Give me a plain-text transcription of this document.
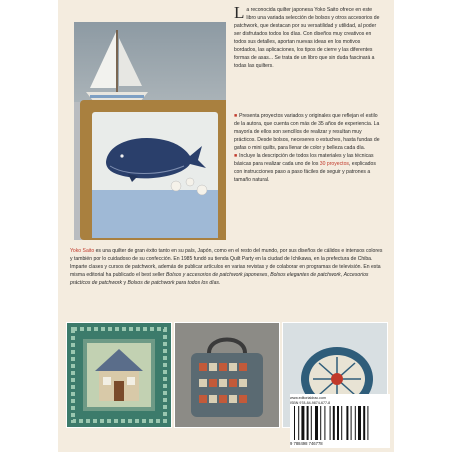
L a reconocida quilter japonesa Yoko Saito ofrece en este libro una variada selección de bolsos y otros accesorios de patchwork, que destacan por su versatilidad y utilidad, al poder ser disfrutados todos los días. Con diseños muy creativos en todos sus detalles, aportan nuevas ideas en los motivos bordados, las aplicaciones, los tipos de cierre y las diferentes formas de asas... Se trata de un libro que sin duda fascinará a todas las quilters.

■ Presenta proyectos variados y originales que reflejan el estilo de la autora, que cuenta con más de 35 años de experiencia. La mayoría de ellos son sencillos de realizar y resultan muy prácticos. Desde bolsos, neceseres o estuches, hasta fundas de gafas o mini quilts, para llenar de color y belleza cada día.

■ Incluye la descripción de todos los materiales y las técnicas básicas para realizar cada uno de los 30 proyectos, explicados con instrucciones paso a paso fáciles de seguir y patrones a tamaño natural.

Yoko Saito es una quilter de gran éxito tanto en su país, Japón, como en el resto del mundo, por sus diseños de cálidos e intensos colores y también por lo cuidadoso de su confección. En 1985 fundó su tienda Quilt Party en la ciudad de Ichikawa, en la prefectura de Chiba. Imparte clases y cursos de patchwork, además de publicar artículos en varias revistas y de colaborar en programas de televisión. En esta misma editorial ha publicado el best seller Bolsos y accesorios de patchwork japoneses, Bolsos elegantes de patchwork, Accesorios prácticos de patchwork y Bolsos de patchwork para todos los días.
www.editorialdrac.com
ISBN 978-84-9874-677-8
9 788498 746778
